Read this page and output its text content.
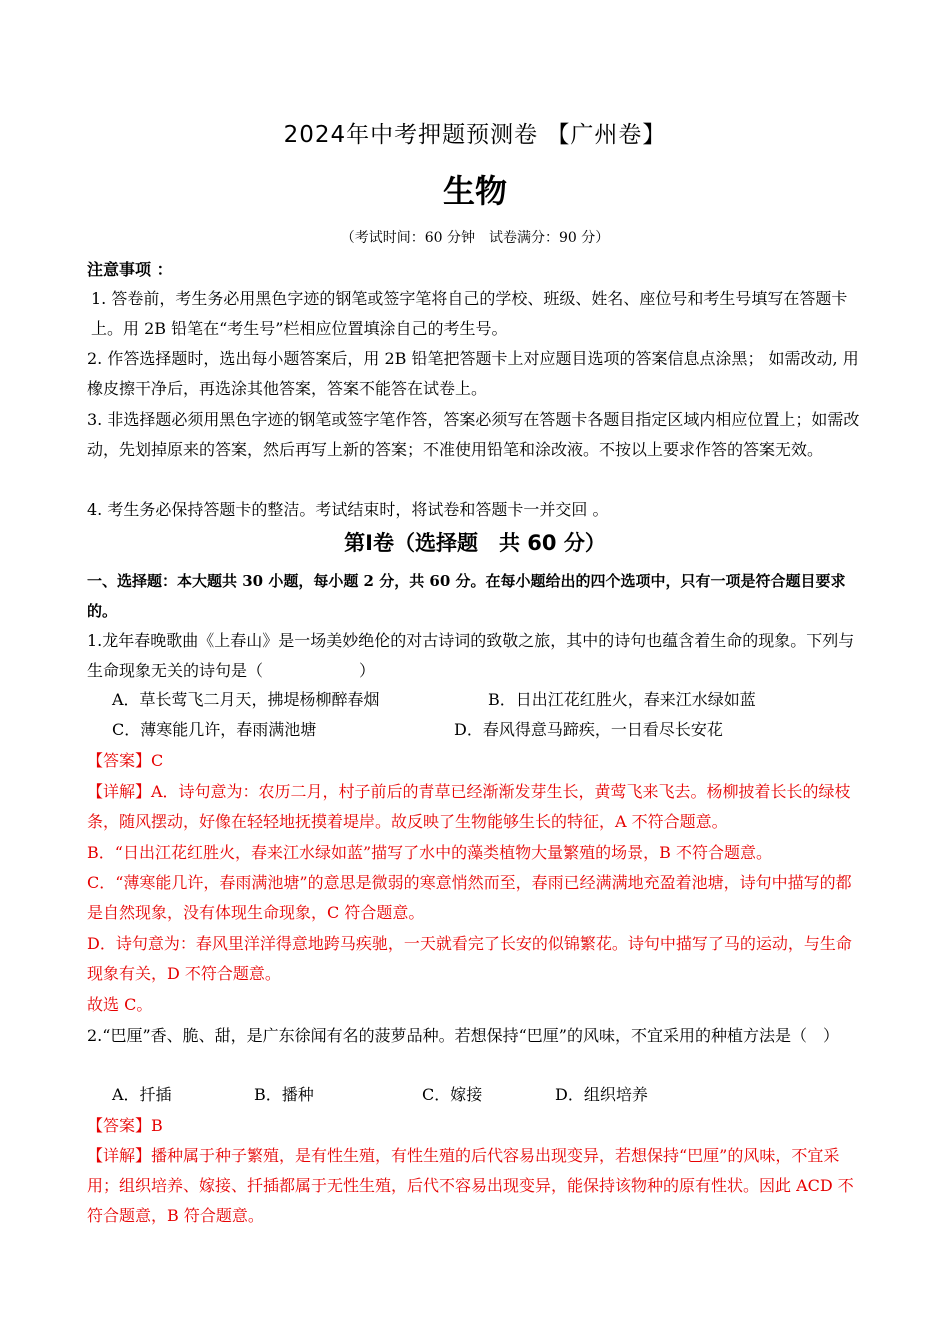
2024年中考押题预测卷 【广州卷】
生物
（考试时间：60 分钟　试卷满分：90 分）

注意事项 ：

1. 答卷前，考生务必用黑色字迹的钢笔或签字笔将自己的学校、班级、姓名、座位号和考生号填写在答题卡上。用 2B 铅笔在“考生号”栏相应位置填涂自己的考生号。

2. 作答选择题时，选出每小题答案后，用 2B 铅笔把答题卡上对应题目选项的答案信息点涂黑； 如需改动, 用橡皮擦干净后，再选涂其他答案，答案不能答在试卷上。

3. 非选择题必须用黑色字迹的钢笔或签字笔作答，答案必须写在答题卡各题目指定区域内相应位置上；如需改动，先划掉原来的答案，然后再写上新的答案；不准使用铅笔和涂改液。不按以上要求作答的答案无效。

4. 考生务必保持答题卡的整洁。考试结束时，将试卷和答题卡一并交回 。

第Ⅰ卷（选择题　共 60 分）

一、选择题：本大题共 30 小题，每小题 2 分，共 60 分。在每小题给出的四个选项中，只有一项是符合题目要求的。

1.龙年春晚歌曲《上春山》是一场美妙绝伦的对古诗词的致敬之旅，其中的诗句也蕴含着生命的现象。下列与生命现象无关的诗句是（　　　　　　）

A．草长莺飞二月天，拂堤杨柳醉春烟	B．日出江花红胜火，春来江水绿如蓝
C．薄寒能几许，春雨满池塘	D．春风得意马蹄疾，一日看尽长安花

【答案】C

【详解】A．诗句意为：农历二月，村子前后的青草已经渐渐发芽生长，黄莺飞来飞去。杨柳披着长长的绿枝条，随风摆动，好像在轻轻地抚摸着堤岸。故反映了生物能够生长的特征，A 不符合题意。

B．“日出江花红胜火，春来江水绿如蓝”描写了水中的藻类植物大量繁殖的场景，B 不符合题意。

C．“薄寒能几许，春雨满池塘”的意思是微弱的寒意悄然而至，春雨已经满满地充盈着池塘，诗句中描写的都是自然现象，没有体现生命现象，C 符合题意。

D．诗句意为：春风里洋洋得意地跨马疾驰，一天就看完了长安的似锦繁花。诗句中描写了马的运动，与生命现象有关，D 不符合题意。

故选 C。

2.“巴厘”香、脆、甜，是广东徐闻有名的菠萝品种。若想保持“巴厘”的风味，不宜采用的种植方法是（　）

A．扦插	B．播种	C．嫁接	D．组织培养

【答案】B

【详解】播种属于种子繁殖，是有性生殖，有性生殖的后代容易出现变异，若想保持“巴厘”的风味，不宜采用；组织培养、嫁接、扦插都属于无性生殖，后代不容易出现变异，能保持该物种的原有性状。因此 ACD 不符合题意，B 符合题意。
